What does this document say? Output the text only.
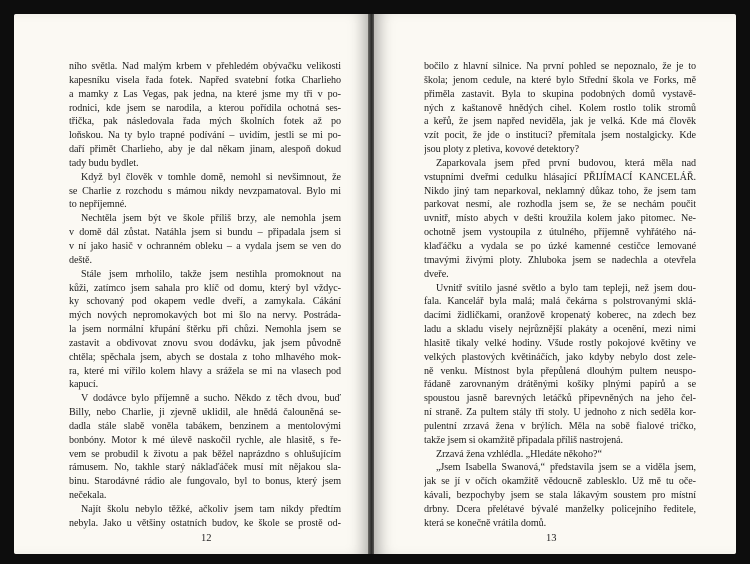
ního světla. Nad malým krbem v přehledém obývačku velikosti
kapesníku visela řada fotek. Napřed svatební fotka Charlieho
a mamky z Las Vegas, pak jedna, na které jsme my tři v po-
rodnici, kde jsem se narodila, a kterou pořídila ochotná ses-
třička, pak následovala řada mých školních fotek až po
loňskou. Na ty bylo trapné podívání – uvidím, jestli se mi po-
daří přimět Charlieho, aby je dal někam jinam, alespoň dokud
tady budu bydlet.
Když byl člověk v tomhle domě, nemohl si nevšimnout, že
se Charlie z rozchodu s mámou nikdy nevzpamatoval. Bylo mi
to nepříjemné.
Nechtěla jsem být ve škole příliš brzy, ale nemohla jsem
v domě dál zůstat. Natáhla jsem si bundu – připadala jsem si
v ní jako hasič v ochranném obleku – a vydala jsem se ven do
deště.
Stále jsem mrholilo, takže jsem nestihla promoknout na
kůži, zatímco jsem sahala pro klíč od domu, který byl vždyc-
ky schovaný pod okapem vedle dveří, a zamykala. Cákání
mých nových nepromokavých bot mi šlo na nervy. Postráda-
la jsem normální křupání štěrku při chůzi. Nemohla jsem se
zastavit a obdivovat znovu svou dodávku, jak jsem původně
chtěla; spěchala jsem, abych se dostala z toho mlhavého mok-
ra, které mi vířilo kolem hlavy a srážela se mi na vlasech pod
kapucí.
V dodávce bylo příjemně a sucho. Někdo z těch dvou, buď
Billy, nebo Charlie, ji zjevně uklidil, ale hnědá čalouněná se-
dadla stále slabě voněla tabákem, benzinem a mentolovými
bonbóny. Motor k mé úlevě naskočil rychle, ale hlasitě, s ře-
vem se probudil k životu a pak běžel naprázdno s ohlušujícím
rámusem. No, takhle starý náklaďáček musí mít nějakou sla-
binu. Starodávné rádio ale fungovalo, byl to bonus, který jsem
nečekala.
Najít školu nebylo těžké, ačkoliv jsem tam nikdy předtím
nebyla. Jako u většiny ostatních budov, ke škole se prostě od-
12
bočilo z hlavní silnice. Na první pohled se nepoznalo, že je to
škola; jenom cedule, na které bylo Střední škola ve Forks, mě
přiměla zastavit. Byla to skupina podobných domů vystavě-
ných z kaštanově hnědých cihel. Kolem rostlo tolik stromů
a keřů, že jsem napřed neviděla, jak je velká. Kde má člověk
vzít pocit, že jde o instituci? přemítala jsem nostalgicky. Kde
jsou ploty z pletiva, kovové detektory?
Zaparkovala jsem před první budovou, která měla nad
vstupními dveřmi cedulku hlásající PŘIJÍMACÍ KANCELÁŘ.
Nikdo jiný tam neparkoval, neklamný důkaz toho, že jsem tam
parkovat nesmí, ale rozhodla jsem se, že se nechám poučit
uvnitř, místo abych v dešti kroužila kolem jako pitomec. Ne-
ochotně jsem vystoupila z útulného, příjemně vyhřátého ná-
klaďáčku a vydala se po úzké kamenné cestičce lemované
tmavými živými ploty. Zhluboka jsem se nadechla a otevřela
dveře.
Uvnitř svítilo jasné světlo a bylo tam tepleji, než jsem dou-
fala. Kancelář byla malá; malá čekárna s polstrovanými sklá-
dacími židličkami, oranžově kropenatý koberec, na zdech bez
ladu a skladu visely nejrůznější plakáty a ocenění, mezi nimi
hlasitě tikaly velké hodiny. Všude rostly pokojové květiny ve
velkých plastových květináčích, jako kdyby nebylo dost zele-
ně venku. Místnost byla přepůlená dlouhým pultem neuspo-
řádaně zarovnaným drátěnými košíky plnými papírů a se
spoustou jasně barevných letáčků připevněných na jeho čel-
ní straně. Za pultem stály tři stoly. U jednoho z nich seděla kor-
pulentní zrzavá žena v brýlích. Měla na sobě fialové tričko,
takže jsem si okamžitě připadala příliš nastrojená.
Zrzavá žena vzhlédla. „Hledáte někoho?“
„Jsem Isabella Swanová,“ představila jsem se a viděla jsem,
jak se jí v očích okamžitě vědoucně zablesklo. Už mě tu oče-
kávali, bezpochyby jsem se stala lákavým soustem pro místní
drbny. Dcera přelétavé bývalé manželky policejního ředitele,
která se konečně vrátila domů.
13
